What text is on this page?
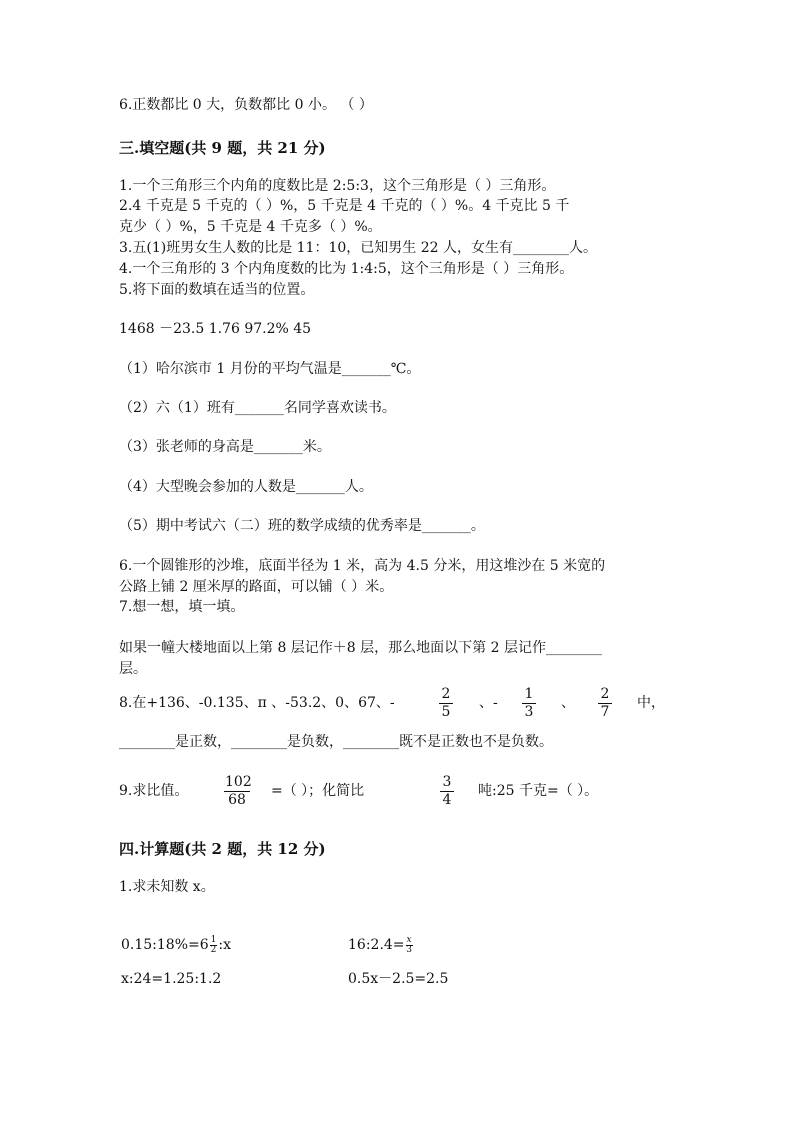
6.正数都比 0 大，负数都比 0 小。 （ ）
三.填空题(共 9 题，共 21 分)
1.一个三角形三个内角的度数比是 2:5:3，这个三角形是（ ）三角形。
2.4 千克是 5 千克的（ ）%，5 千克是 4 千克的（ ）%。4 千克比 5 千
克少（ ）%，5 千克是 4 千克多（ ）%。
3.五(1)班男女生人数的比是 11：10，已知男生 22 人，女生有________人。
4.一个三角形的 3 个内角度数的比为 1:4:5，这个三角形是（ ）三角形。
5.将下面的数填在适当的位置。
1468 －23.5 1.76 97.2% 45
（1）哈尔滨市 1 月份的平均气温是_______℃。
（2）六（1）班有_______名同学喜欢读书。
（3）张老师的身高是_______米。
（4）大型晚会参加的人数是_______人。
（5）期中考试六（二）班的数学成绩的优秀率是_______。
6.一个圆锥形的沙堆，底面半径为 1 米，高为 4.5 分米，用这堆沙在 5 米宽的
公路上铺 2 厘米厚的路面，可以铺（ ）米。
7.想一想，填一填。
如果一幢大楼地面以上第 8 层记作＋8 层，那么地面以下第 2 层记作________
层。
8.在+136、-0.135、π 、-53.2、0、67、-	$\frac{2}{5}$ 、- $\frac{1}{3}$ 、 $\frac{2}{7}$ 中，
________是正数，________是负数，________既不是正数也不是负数。
9.求比值。	$\frac{102}{68}$ =（ ）；化简比	$\frac{3}{4}$ 吨:25 千克=（ ）。
四.计算题(共 2 题，共 12 分)
1.求未知数 x。
0.15:18%=6 $\frac{1}{2}$ :x	16:2.4= $\frac{x}{3}$
x:24=1.25:1.2	0.5x－2.5=2.5
